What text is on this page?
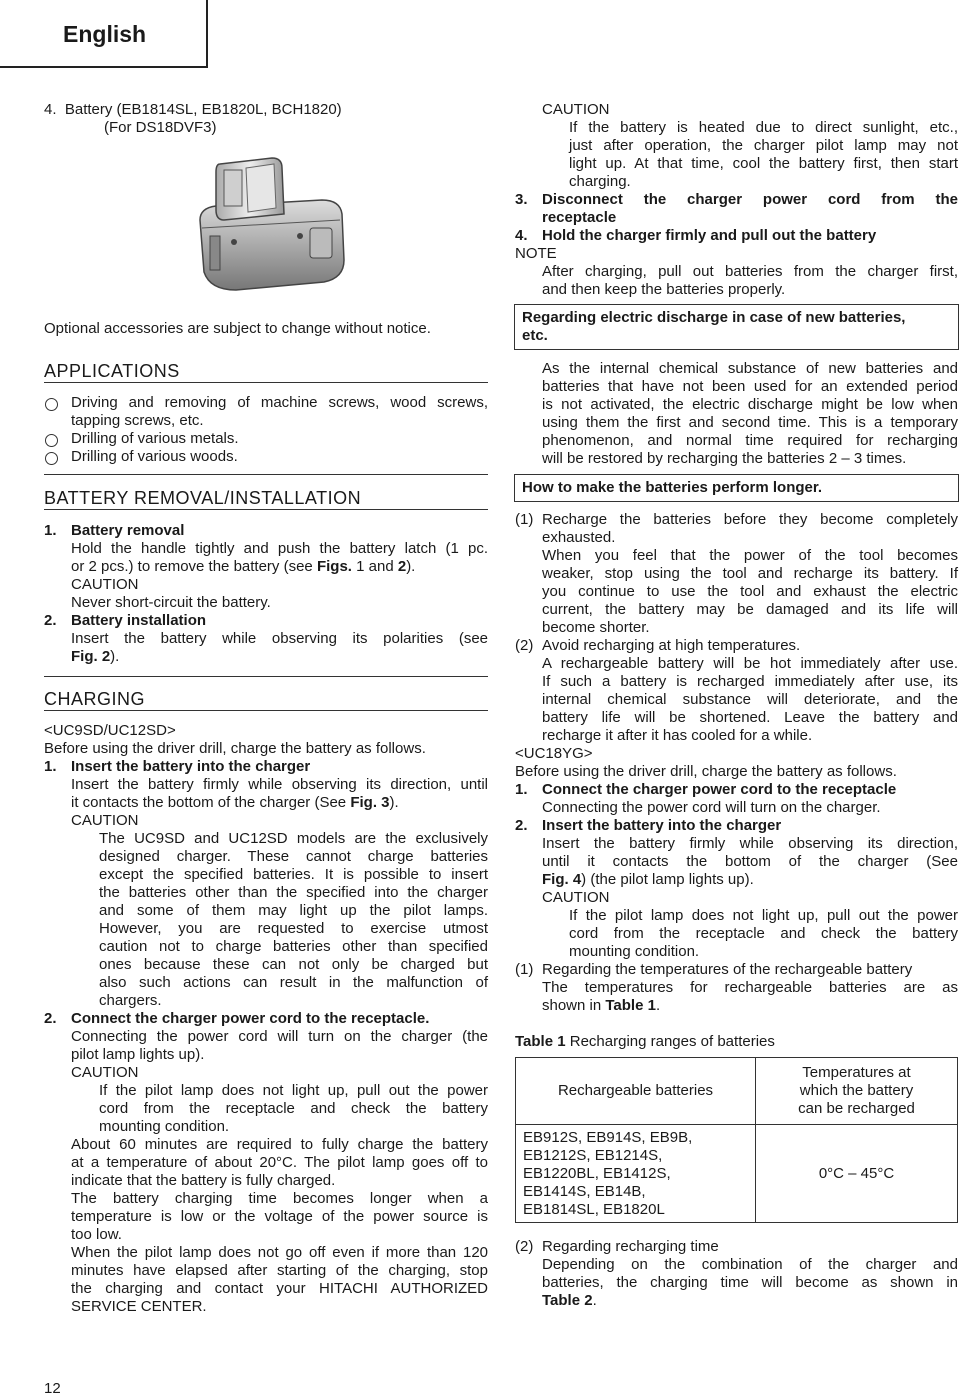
English
4.  Battery (EB1814SL, EB1820L, BCH1820)
(For DS18DVF3)
Optional accessories are subject to change without notice.
APPLICATIONS
Driving and removing of machine screws, wood screws,
tapping screws, etc.
Drilling of various metals.
Drilling of various woods.
BATTERY REMOVAL/INSTALLATION
1. Battery removal
Hold the handle tightly and push the battery latch (1 pc.
or 2 pcs.) to remove the battery (see Figs. 1 and 2).
CAUTION
Never short-circuit the battery.
2. Battery installation
Insert the battery while observing its polarities (see
Fig. 2).
CHARGING
<UC9SD/UC12SD>
Before using the driver drill, charge the battery as follows.
1. Insert the battery into the charger
Insert the battery firmly while observing its direction, until
it contacts the bottom of the charger (See Fig. 3).
CAUTION
The UC9SD and UC12SD models are the exclusively
designed charger. These cannot charge batteries
except the specified batteries. It is possible to insert
the batteries other than the specified into the charger
and some of them may light up the pilot lamps.
However, you are requested to exercise utmost
caution not to charge batteries other than specified
ones because these can not only be charged but
also such actions can result in the malfunction of
chargers.
2. Connect the charger power cord to the receptacle.
Connecting the power cord will turn on the charger (the
pilot lamp lights up).
CAUTION
If the pilot lamp does not light up, pull out the power
cord from the receptacle and check the battery
mounting condition.
About 60 minutes are required to fully charge the battery
at a temperature of about 20°C. The pilot lamp goes off to
indicate that the battery is fully charged.
The battery charging time becomes longer when a
temperature is low or the voltage of the power source is
too low.
When the pilot lamp does not go off even if more than 120
minutes have elapsed after starting of the charging, stop
the charging and contact your HITACHI AUTHORIZED
SERVICE CENTER.
12
CAUTION
If the battery is heated due to direct sunlight, etc.,
just after operation, the charger pilot lamp may not
light up. At that time, cool the battery first, then start
charging.
3. Disconnect the charger power cord from the
receptacle
4. Hold the charger firmly and pull out the battery
NOTE
After charging, pull out batteries from the charger first,
and then keep the batteries properly.
Regarding electric discharge in case of new batteries,
etc.
As the internal chemical substance of new batteries and
batteries that have not been used for an extended period
is not activated, the electric discharge might be low when
using them the first and second time. This is a temporary
phenomenon, and normal time required for recharging
will be restored by recharging the batteries 2 – 3 times.
How to make the batteries perform longer.
(1) Recharge the batteries before they become completely
exhausted.
When you feel that the power of the tool becomes
weaker, stop using the tool and recharge its battery. If
you continue to use the tool and exhaust the electric
current, the battery may be damaged and its life will
become shorter.
(2) Avoid recharging at high temperatures.
A rechargeable battery will be hot immediately after use.
If such a battery is recharged immediately after use, its
internal chemical substance will deteriorate, and the
battery life will be shortened. Leave the battery and
recharge it after it has cooled for a while.
<UC18YG>
Before using the driver drill, charge the battery as follows.
1. Connect the charger power cord to the receptacle
Connecting the power cord will turn on the charger.
2. Insert the battery into the charger
Insert the battery firmly while observing its direction,
until it contacts the bottom of the charger (See
Fig. 4) (the pilot lamp lights up).
CAUTION
If the pilot lamp does not light up, pull out the power
cord from the receptacle and check the battery
mounting condition.
(1) Regarding the temperatures of the rechargeable battery
The temperatures for rechargeable batteries are as
shown in Table 1.
Table 1 Recharging ranges of batteries
Rechargeable batteries	Temperatures at
which the battery
can be recharged

EB912S, EB914S, EB9B,
EB1212S, EB1214S,
EB1220BL, EB1412S,
EB1414S, EB14B,
EB1814SL, EB1820L	0°C – 45°C
(2) Regarding recharging time
Depending on the combination of the charger and
batteries, the charging time will become as shown in
Table 2.
